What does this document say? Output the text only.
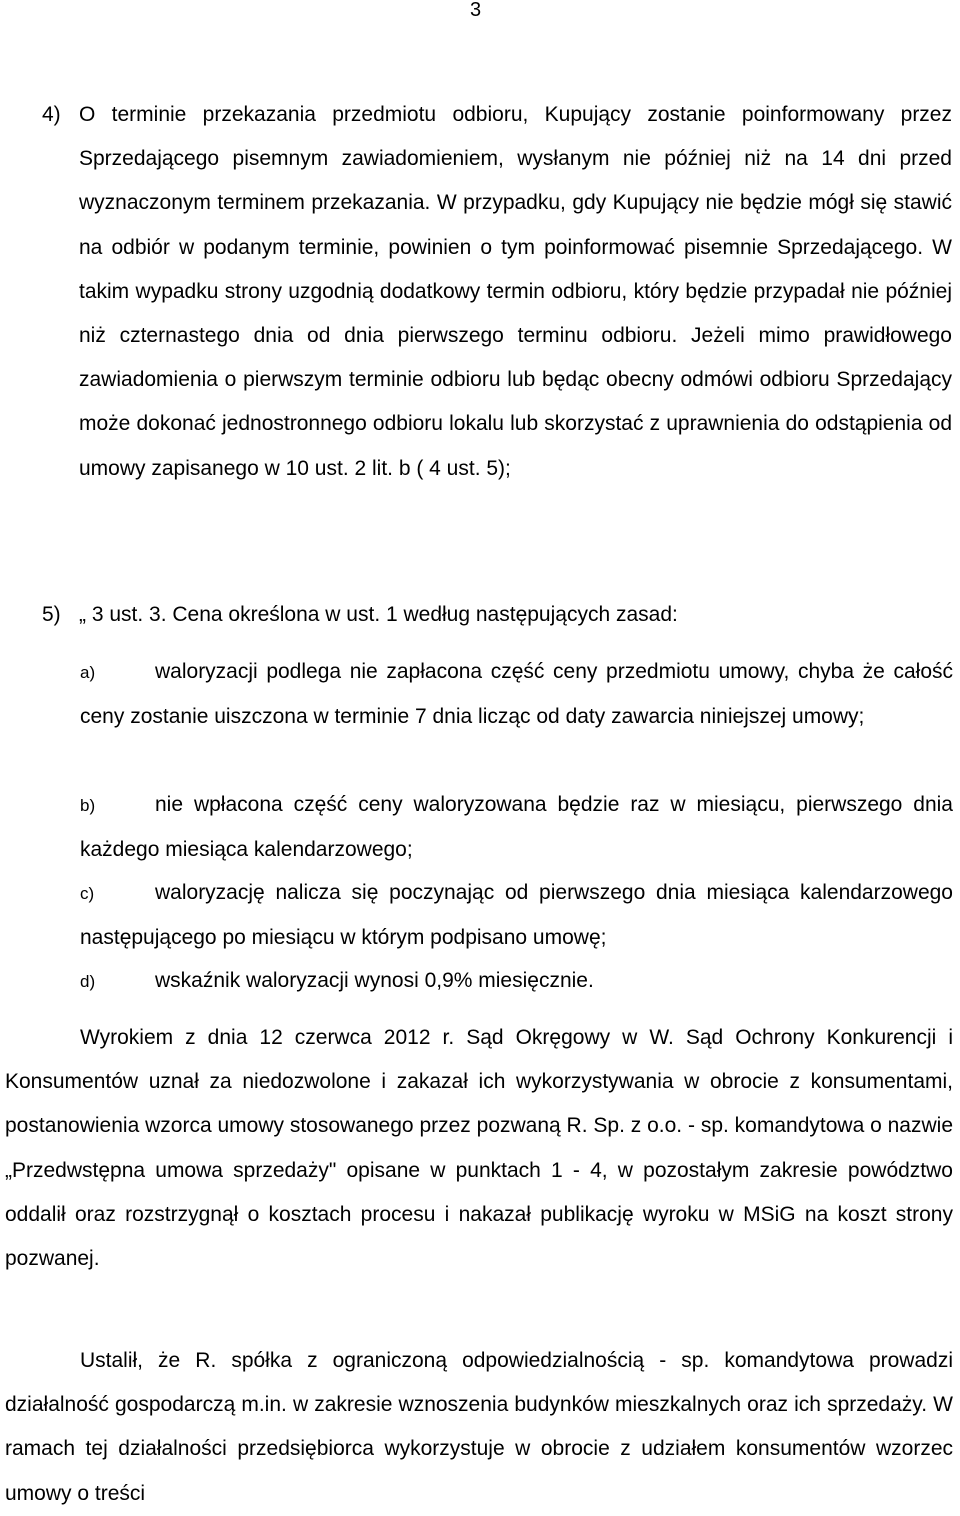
3
4) O terminie przekazania przedmiotu odbioru, Kupujący zostanie poinformowany przez Sprzedającego pisemnym zawiadomieniem, wysłanym nie później niż na 14 dni przed wyznaczonym terminem przekazania. W przypadku, gdy Kupujący nie będzie mógł się stawić na odbiór w podanym terminie, powinien o tym poinformować pisemnie Sprzedającego. W takim wypadku strony uzgodnią dodatkowy termin odbioru, który będzie przypadał nie później niż czternastego dnia od dnia pierwszego terminu odbioru. Jeżeli mimo prawidłowego zawiadomienia o pierwszym terminie odbioru lub będąc obecny odmówi odbioru Sprzedający może dokonać jednostronnego odbioru lokalu lub skorzystać z uprawnienia do odstąpienia od umowy zapisanego w 10 ust. 2 lit. b ( 4 ust. 5);
5) „ 3 ust. 3. Cena określona w ust. 1 według następujących zasad:
a)	waloryzacji podlega nie zapłacona część ceny przedmiotu umowy, chyba że całość ceny zostanie uiszczona w terminie 7 dnia licząc od daty zawarcia niniejszej umowy;
b)	nie wpłacona część ceny waloryzowana będzie raz w miesiącu, pierwszego dnia każdego miesiąca kalendarzowego;
c)	waloryzację nalicza się poczynając od pierwszego dnia miesiąca kalendarzowego następującego po miesiącu w którym podpisano umowę;
d)	wskaźnik waloryzacji wynosi 0,9% miesięcznie.
Wyrokiem z dnia 12 czerwca 2012 r. Sąd Okręgowy w W. Sąd Ochrony Konkurencji i Konsumentów uznał za niedozwolone i zakazał ich wykorzystywania w obrocie z konsumentami, postanowienia wzorca umowy stosowanego przez pozwaną R. Sp. z o.o. - sp. komandytowa o nazwie „Przedwstępna umowa sprzedaży" opisane w punktach 1 - 4, w pozostałym zakresie powództwo oddalił oraz rozstrzygnął o kosztach procesu i nakazał publikację wyroku w MSiG na koszt strony pozwanej.
Ustalił, że R. spółka z ograniczoną odpowiedzialnością - sp. komandytowa prowadzi działalność gospodarczą m.in. w zakresie wznoszenia budynków mieszkalnych oraz ich sprzedaży. W ramach tej działalności przedsiębiorca wykorzystuje w obrocie z udziałem konsumentów wzorzec umowy o treści
